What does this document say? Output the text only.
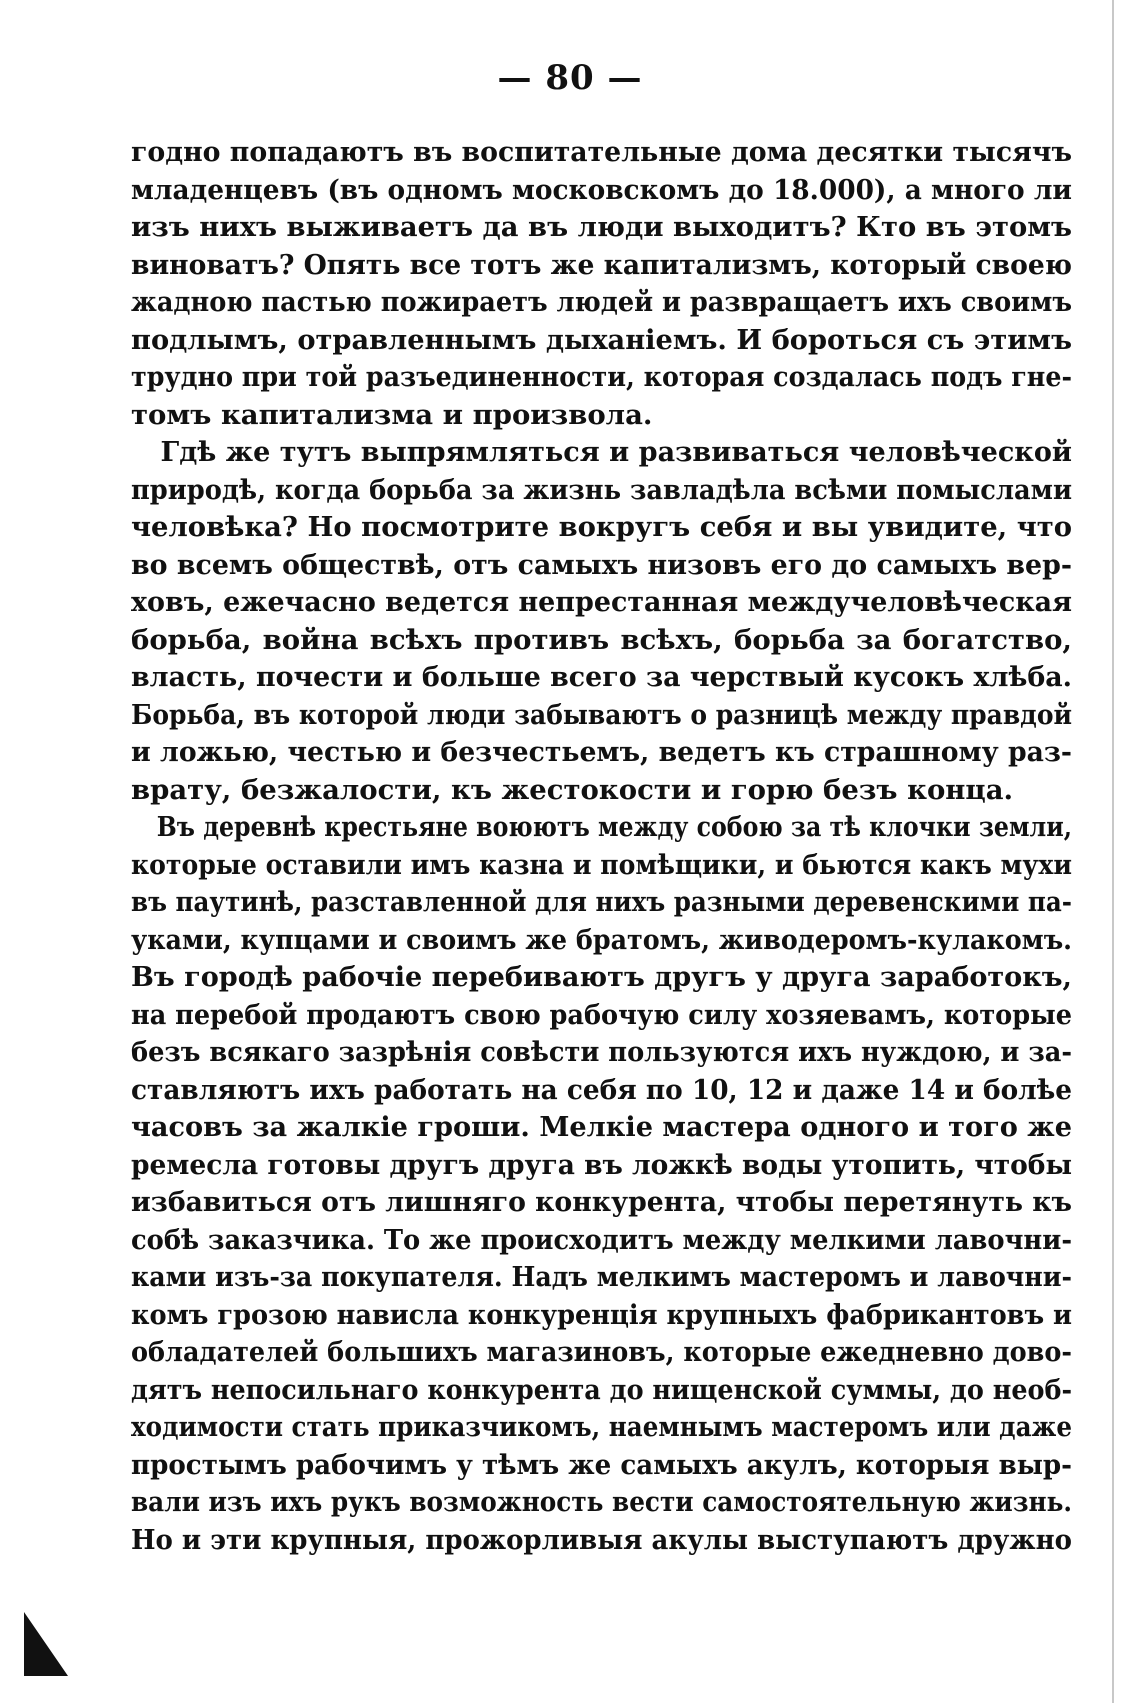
— 80 —
годно попадаютъ въ воспитательные дома десятки тысячъ
младенцевъ (въ одномъ московскомъ до 18.000), а много ли
изъ нихъ выживаетъ да въ люди выходитъ? Кто въ этомъ
виноватъ? Опять все тотъ же капитализмъ, который своею
жадною пастью пожираетъ людей и развращаетъ ихъ своимъ
подлымъ, отравленнымъ дыханіемъ. И бороться съ этимъ
трудно при той разъединенности, которая создалась подъ гне-
томъ капитализма и произвола.
Гдѣ же тутъ выпрямляться и развиваться человѣческой
природѣ, когда борьба за жизнь завладѣла всѣми помыслами
человѣка? Но посмотрите вокругъ себя и вы увидите, что
во всемъ обществѣ, отъ самыхъ низовъ его до самыхъ вер-
ховъ, ежечасно ведется непрестанная междучеловѣческая
борьба, война всѣхъ противъ всѣхъ, борьба за богатство,
власть, почести и больше всего за черствый кусокъ хлѣба.
Борьба, въ которой люди забываютъ о разницѣ между правдой
и ложью, честью и безчестьемъ, ведетъ къ страшному раз-
врату, безжалости, къ жестокости и горю безъ конца.
Въ деревнѣ крестьяне воюютъ между собою за тѣ клочки земли,
которые оставили имъ казна и помѣщики, и бьются какъ мухи
въ паутинѣ, разставленной для нихъ разными деревенскими па-
уками, купцами и своимъ же братомъ, живодеромъ-кулакомъ.
Въ городѣ рабочіе перебиваютъ другъ у друга заработокъ,
на перебой продаютъ свою рабочую силу хозяевамъ, которые
безъ всякаго зазрѣнія совѣсти пользуются ихъ нуждою, и за-
ставляютъ ихъ работать на себя по 10, 12 и даже 14 и болѣе
часовъ за жалкіе гроши. Мелкіе мастера одного и того же
ремесла готовы другъ друга въ ложкѣ воды утопить, чтобы
избавиться отъ лишняго конкурента, чтобы перетянуть къ
собѣ заказчика. То же происходитъ между мелкими лавочни-
ками изъ-за покупателя. Надъ мелкимъ мастеромъ и лавочни-
комъ грозою нависла конкуренція крупныхъ фабрикантовъ и
обладателей большихъ магазиновъ, которые ежедневно дово-
дятъ непосильнаго конкурента до нищенской суммы, до необ-
ходимости стать приказчикомъ, наемнымъ мастеромъ или даже
простымъ рабочимъ у тѣмъ же самыхъ акулъ, которыя выр-
вали изъ ихъ рукъ возможность вести самостоятельную жизнь.
Но и эти крупныя, прожорливыя акулы выступаютъ дружно
